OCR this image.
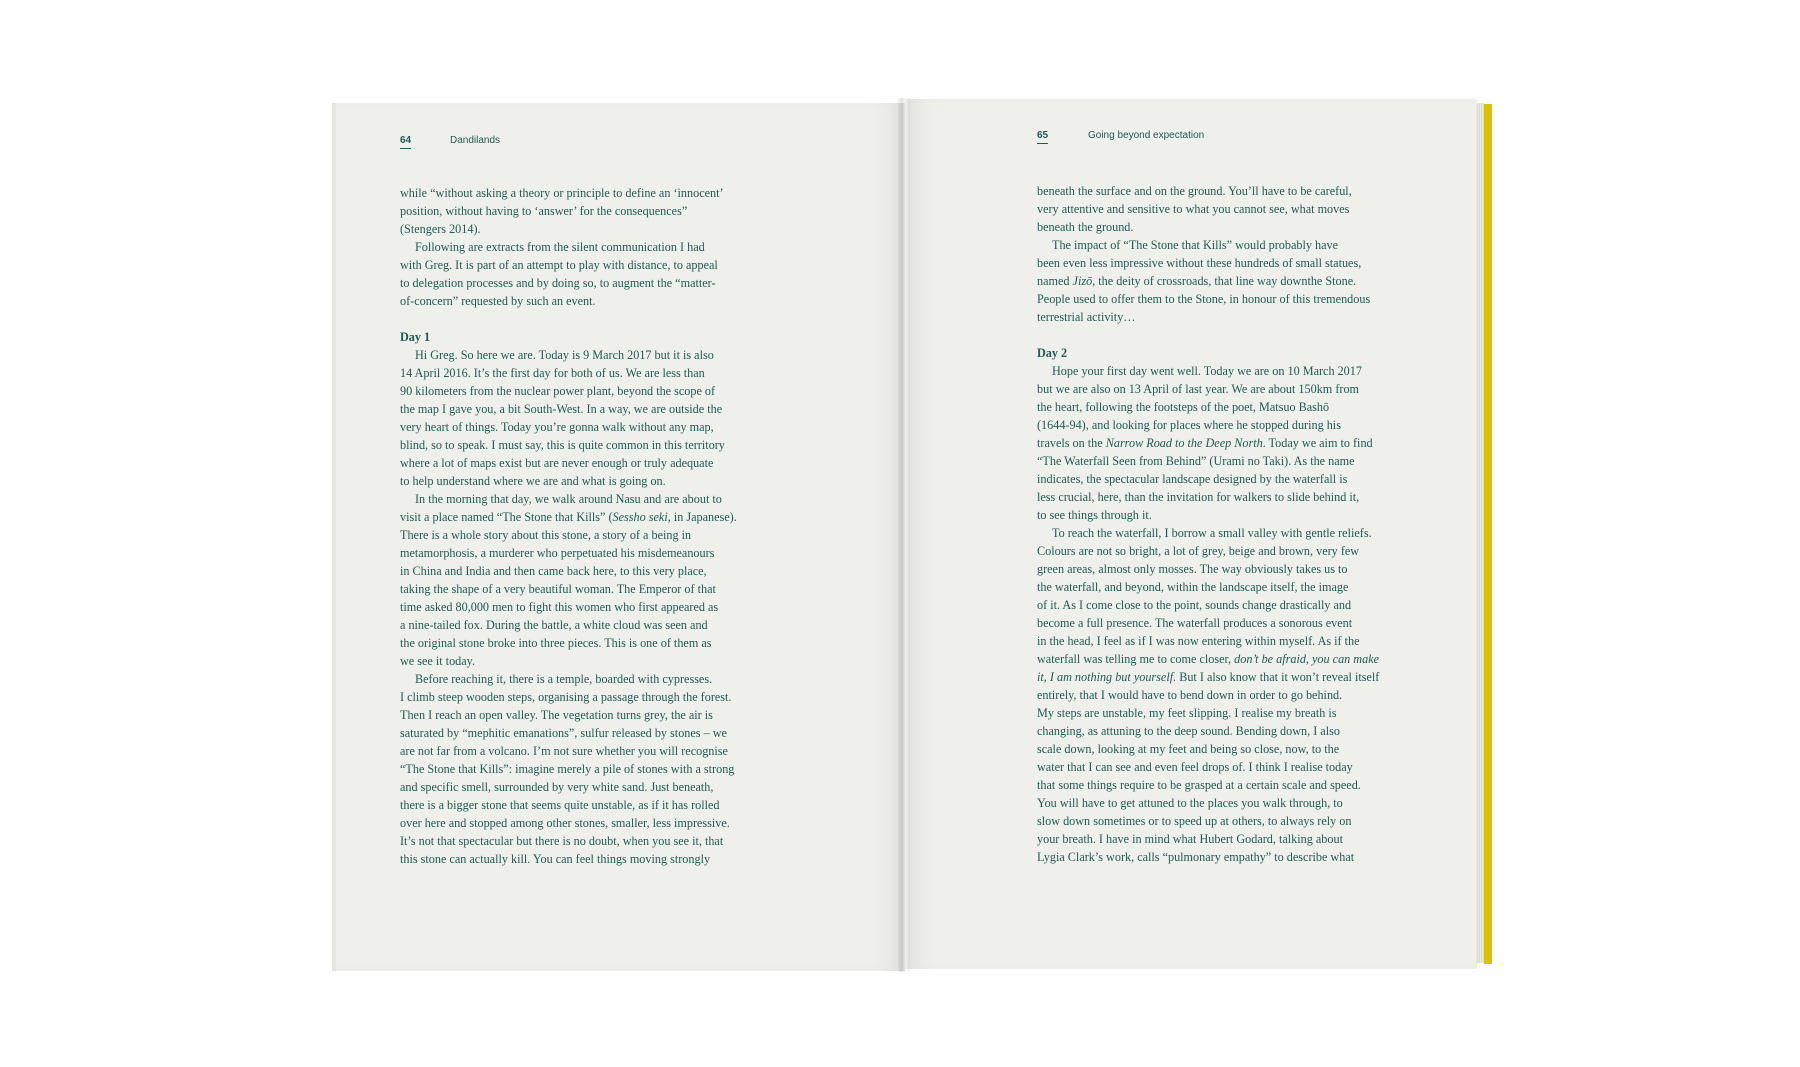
64	Dandilands	65	Going beyond expectation
while “without asking a theory or principle to define an ‘innocent’
position, without having to ‘answer’ for the consequences”
(Stengers 2014).
Following are extracts from the silent communication I had
with Greg. It is part of an attempt to play with distance, to appeal
to delegation processes and by doing so, to augment the “matter-
of-concern” requested by such an event.
Day 1
Hi Greg. So here we are. Today is 9 March 2017 but it is also
14 April 2016. It’s the first day for both of us. We are less than
90 kilometers from the nuclear power plant, beyond the scope of
the map I gave you, a bit South-West. In a way, we are outside the
very heart of things. Today you’re gonna walk without any map,
blind, so to speak. I must say, this is quite common in this territory
where a lot of maps exist but are never enough or truly adequate
to help understand where we are and what is going on.
In the morning that day, we walk around Nasu and are about to
visit a place named “The Stone that Kills” (Sessho seki, in Japanese).
There is a whole story about this stone, a story of a being in
metamorphosis, a murderer who perpetuated his misdemeanours
in China and India and then came back here, to this very place,
taking the shape of a very beautiful woman. The Emperor of that
time asked 80,000 men to fight this women who first appeared as
a nine-tailed fox. During the battle, a white cloud was seen and
the original stone broke into three pieces. This is one of them as
we see it today.
Before reaching it, there is a temple, boarded with cypresses.
I climb steep wooden steps, organising a passage through the forest.
Then I reach an open valley. The vegetation turns grey, the air is
saturated by “mephitic emanations”, sulfur released by stones – we
are not far from a volcano. I’m not sure whether you will recognise
“The Stone that Kills”: imagine merely a pile of stones with a strong
and specific smell, surrounded by very white sand. Just beneath,
there is a bigger stone that seems quite unstable, as if it has rolled
over here and stopped among other stones, smaller, less impressive.
It’s not that spectacular but there is no doubt, when you see it, that
this stone can actually kill. You can feel things moving strongly
beneath the surface and on the ground. You’ll have to be careful,
very attentive and sensitive to what you cannot see, what moves
beneath the ground.
The impact of “The Stone that Kills” would probably have
been even less impressive without these hundreds of small statues,
named Jizō, the deity of crossroads, that line way downthe Stone.
People used to offer them to the Stone, in honour of this tremendous
terrestrial activity…
Day 2
Hope your first day went well. Today we are on 10 March 2017
but we are also on 13 April of last year. We are about 150km from
the heart, following the footsteps of the poet, Matsuo Bashō
(1644-94), and looking for places where he stopped during his
travels on the Narrow Road to the Deep North. Today we aim to find
“The Waterfall Seen from Behind” (Urami no Taki). As the name
indicates, the spectacular landscape designed by the waterfall is
less crucial, here, than the invitation for walkers to slide behind it,
to see things through it.
To reach the waterfall, I borrow a small valley with gentle reliefs.
Colours are not so bright, a lot of grey, beige and brown, very few
green areas, almost only mosses. The way obviously takes us to
the waterfall, and beyond, within the landscape itself, the image
of it. As I come close to the point, sounds change drastically and
become a full presence. The waterfall produces a sonorous event
in the head, I feel as if I was now entering within myself. As if the
waterfall was telling me to come closer, don’t be afraid, you can make
it, I am nothing but yourself. But I also know that it won’t reveal itself
entirely, that I would have to bend down in order to go behind.
My steps are unstable, my feet slipping. I realise my breath is
changing, as attuning to the deep sound. Bending down, I also
scale down, looking at my feet and being so close, now, to the
water that I can see and even feel drops of. I think I realise today
that some things require to be grasped at a certain scale and speed.
You will have to get attuned to the places you walk through, to
slow down sometimes or to speed up at others, to always rely on
your breath. I have in mind what Hubert Godard, talking about
Lygia Clark’s work, calls “pulmonary empathy” to describe what
